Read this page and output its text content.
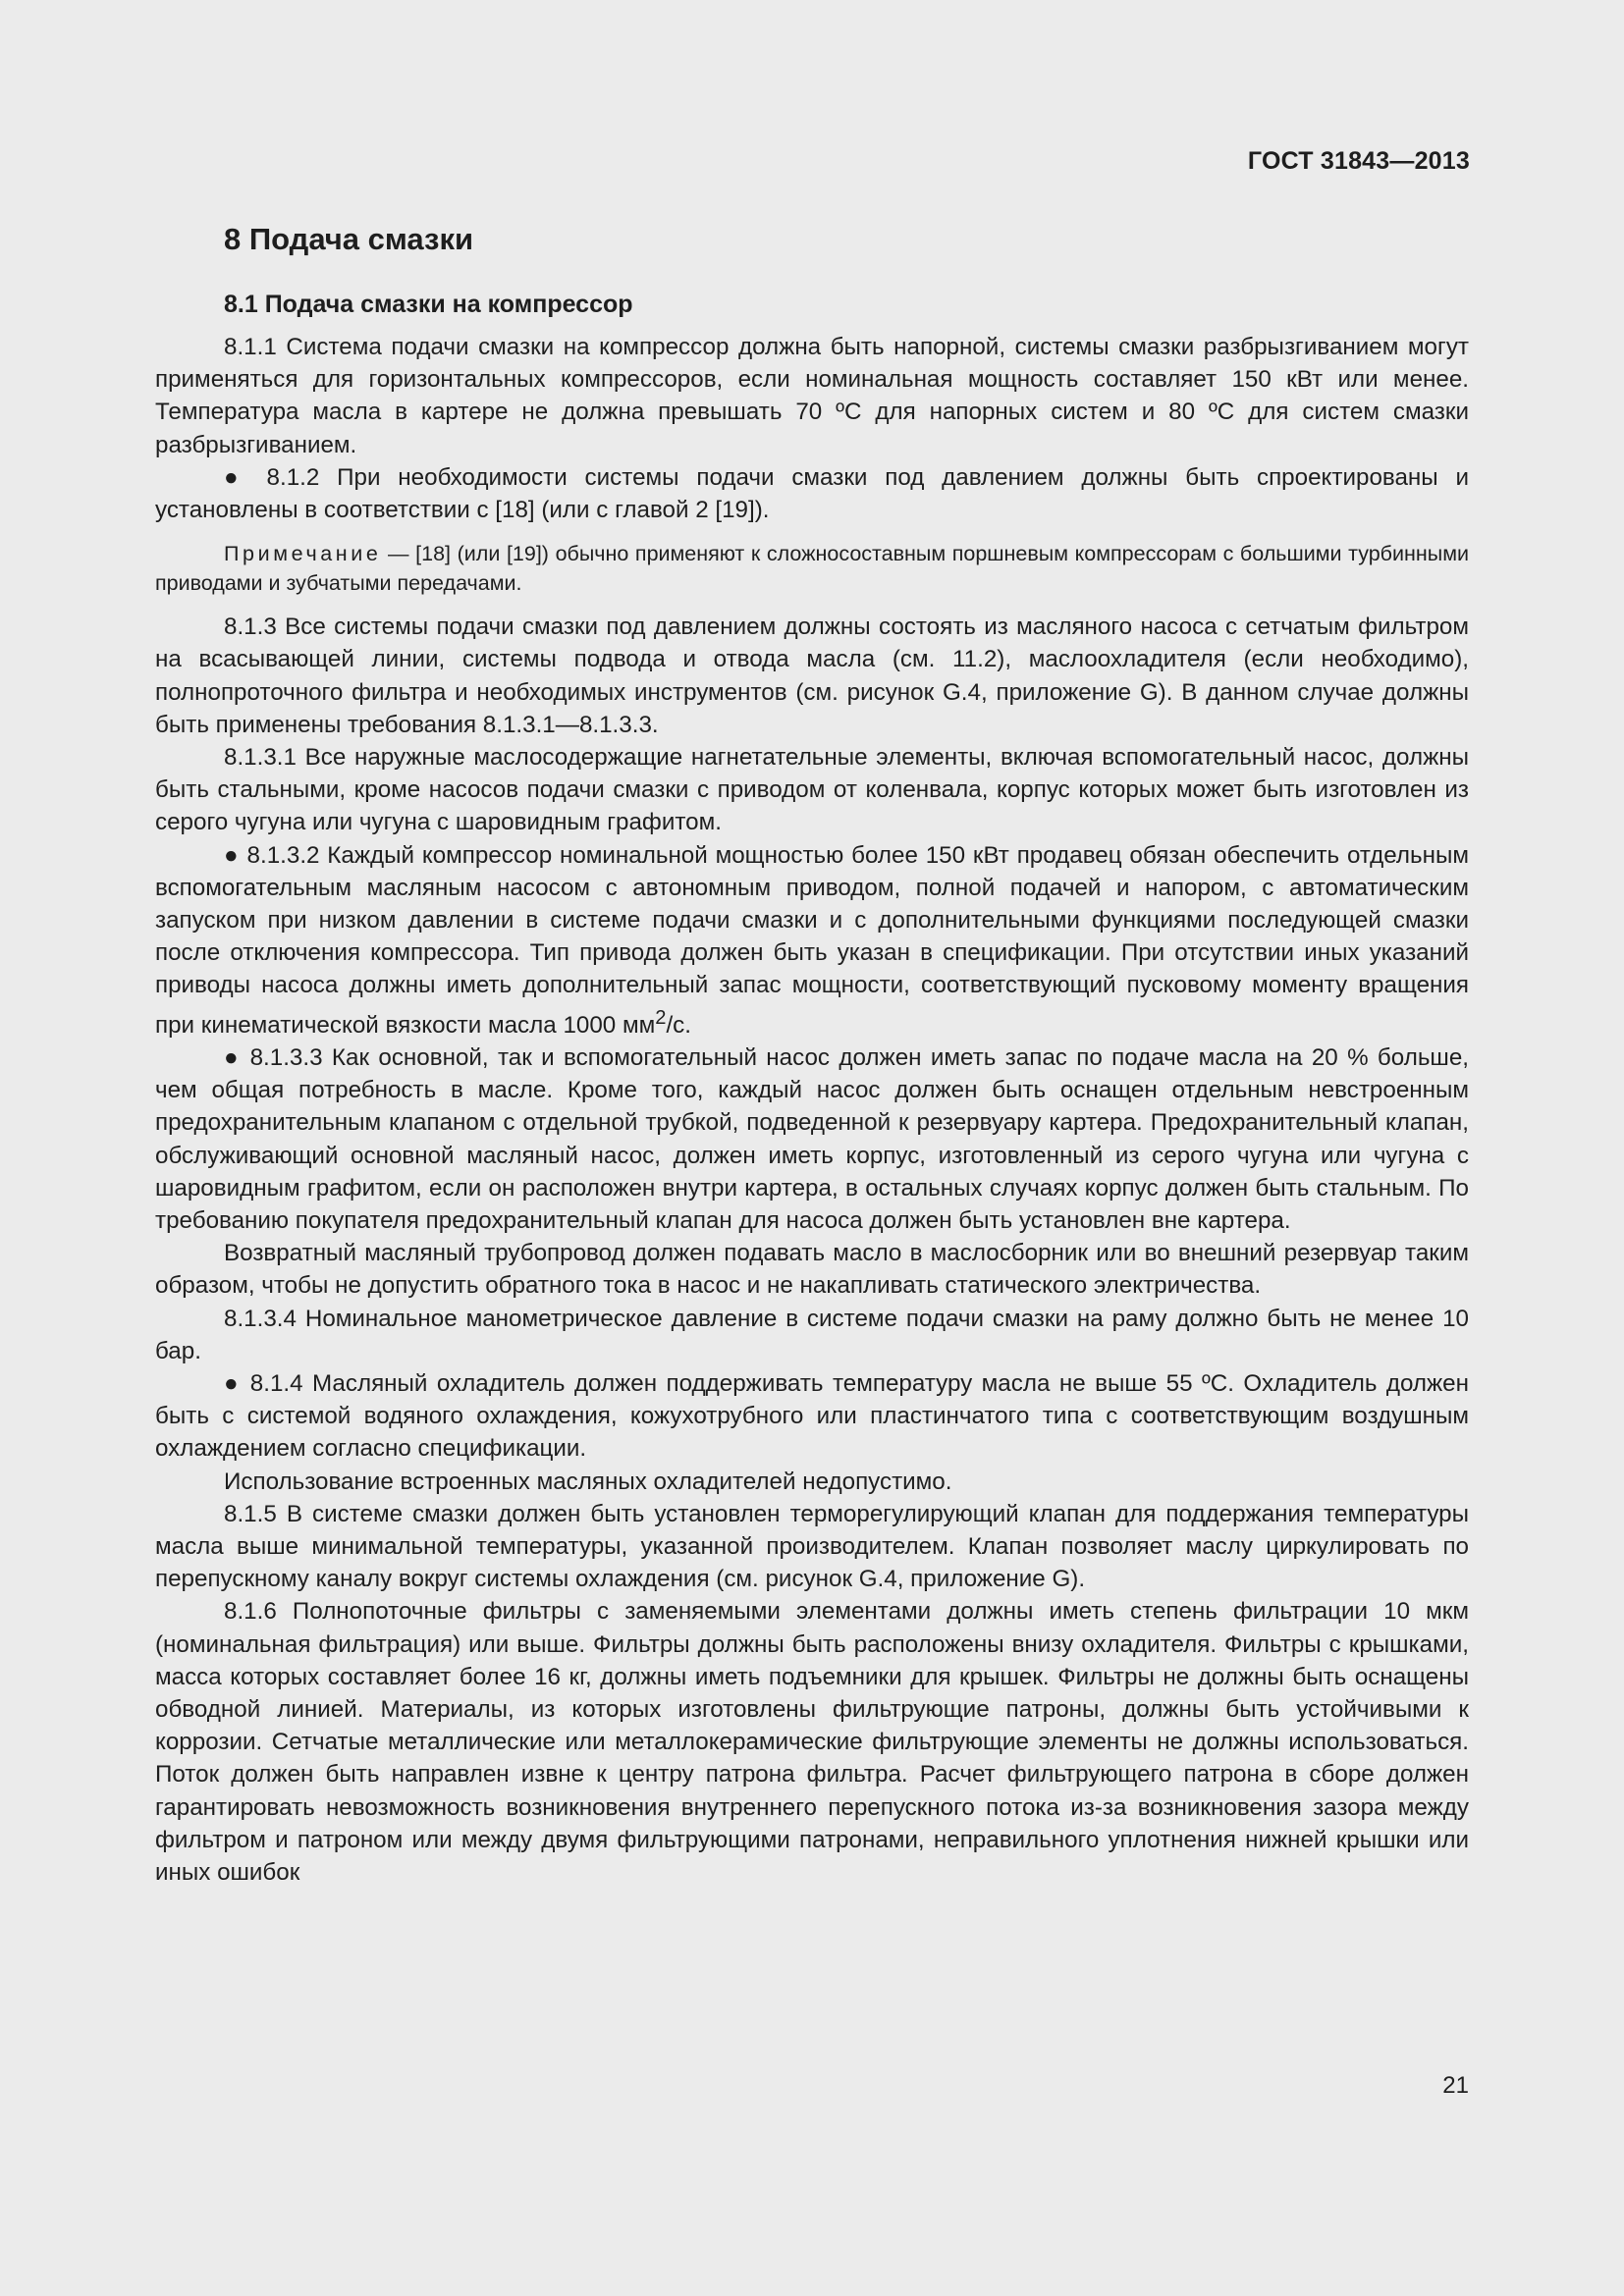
ГОСТ 31843—2013
8 Подача смазки
8.1 Подача смазки на компрессор

8.1.1 Система подачи смазки на компрессор должна быть напорной, системы смазки разбрызгиванием могут применяться для горизонтальных компрессоров, если номинальная мощность составляет 150 кВт или менее. Температура масла в картере не должна превышать 70 ºС для напорных систем и 80 ºС для систем смазки разбрызгиванием.

● 8.1.2 При необходимости системы подачи смазки под давлением должны быть спроектированы и установлены в соответствии с [18] (или с главой 2 [19]).

Примечание — [18] (или [19]) обычно применяют к сложносоставным поршневым компрессорам с большими турбинными приводами и зубчатыми передачами.

8.1.3 Все системы подачи смазки под давлением должны состоять из масляного насоса с сетчатым фильтром на всасывающей линии, системы подвода и отвода масла (см. 11.2), маслоохладителя (если необходимо), полнопроточного фильтра и необходимых инструментов (см. рисунок G.4, приложение G). В данном случае должны быть применены требования 8.1.3.1—8.1.3.3.

8.1.3.1 Все наружные маслосодержащие нагнетательные элементы, включая вспомогательный насос, должны быть стальными, кроме насосов подачи смазки с приводом от коленвала, корпус которых может быть изготовлен из серого чугуна или чугуна с шаровидным графитом.

● 8.1.3.2 Каждый компрессор номинальной мощностью более 150 кВт продавец обязан обеспечить отдельным вспомогательным масляным насосом с автономным приводом, полной подачей и напором, с автоматическим запуском при низком давлении в системе подачи смазки и с дополнительными функциями последующей смазки после отключения компрессора. Тип привода должен быть указан в спецификации. При отсутствии иных указаний приводы насоса должны иметь дополнительный запас мощности, соответствующий пусковому моменту вращения при кинематической вязкости масла 1000 $мм^2/с$.

● 8.1.3.3 Как основной, так и вспомогательный насос должен иметь запас по подаче масла на 20 % больше, чем общая потребность в масле. Кроме того, каждый насос должен быть оснащен отдельным невстроенным предохранительным клапаном с отдельной трубкой, подведенной к резервуару картера. Предохранительный клапан, обслуживающий основной масляный насос, должен иметь корпус, изготовленный из серого чугуна или чугуна с шаровидным графитом, если он расположен внутри картера, в остальных случаях корпус должен быть стальным. По требованию покупателя предохранительный клапан для насоса должен быть установлен вне картера.

Возвратный масляный трубопровод должен подавать масло в маслосборник или во внешний резервуар таким образом, чтобы не допустить обратного тока в насос и не накапливать статического электричества.

8.1.3.4 Номинальное манометрическое давление в системе подачи смазки на раму должно быть не менее 10 бар.

● 8.1.4 Масляный охладитель должен поддерживать температуру масла не выше 55 ºС. Охладитель должен быть с системой водяного охлаждения, кожухотрубного или пластинчатого типа с соответствующим воздушным охлаждением согласно спецификации.

Использование встроенных масляных охладителей недопустимо.

8.1.5 В системе смазки должен быть установлен терморегулирующий клапан для поддержания температуры масла выше минимальной температуры, указанной производителем. Клапан позволяет маслу циркулировать по перепускному каналу вокруг системы охлаждения (см. рисунок G.4, приложение G).

8.1.6 Полнопоточные фильтры с заменяемыми элементами должны иметь степень фильтрации 10 мкм (номинальная фильтрация) или выше. Фильтры должны быть расположены внизу охладителя. Фильтры с крышками, масса которых составляет более 16 кг, должны иметь подъемники для крышек. Фильтры не должны быть оснащены обводной линией. Материалы, из которых изготовлены фильтрующие патроны, должны быть устойчивыми к коррозии. Сетчатые металлические или металлокерамические фильтрующие элементы не должны использоваться. Поток должен быть направлен извне к центру патрона фильтра. Расчет фильтрующего патрона в сборе должен гарантировать невозможность возникновения внутреннего перепускного потока из-за возникновения зазора между фильтром и патроном или между двумя фильтрующими патронами, неправильного уплотнения нижней крышки или иных ошибок

21
